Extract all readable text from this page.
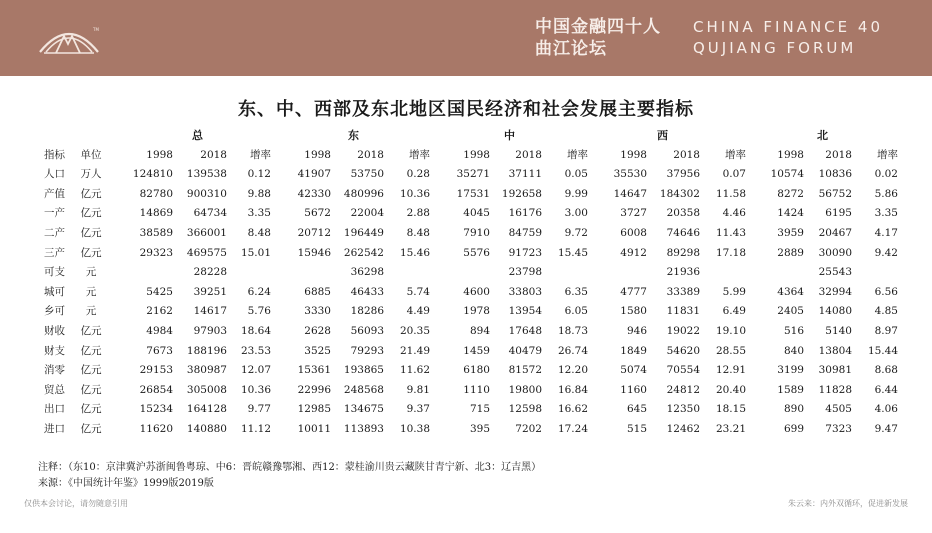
TM	中国金融四十人
曲江论坛
CHINA FINANCE 40
QUJIANG FORUM
东、中、西部及东北地区国民经济和社会发展主要指标
总	东	中	西	北
指标 单位	1998	2018 增率	1998	2018 增率	1998 2018 增率	1998	2018 增率	1998 2018 增率
人口 万人	124810 139538 0.12	41907 53750 0.28	35271 37111 0.05 35530 37956 0.07 10574 10836 0.02
产值 亿元	82780 900310 9.88	42330 480996 10.36	17531 192658 9.99 14647 184302 11.58	8272 56752 5.86
一产 亿元	14869 64734 3.35	5672 22004 2.88	4045 16176 3.00	3727 20358 4.46	1424 6195 3.35
二产 亿元	38589 366001 8.48	20712 196449 8.48	7910 84759 9.72	6008 74646 11.43	3959 20467 4.17
三产 亿元	29323 469575 15.01	15946 262542 15.46	5576 91723 15.45	4912 89298 17.18	2889 30090 9.42
可支	元	28228	36298	23798	21936	25543
城可	元	5425 39251 6.24	6885 46433 5.74	4600 33803 6.35	4777 33389 5.99	4364 32994 6.56
乡可	元	2162 14617 5.76	3330 18286 4.49	1978 13954 6.05	1580 11831 6.49	2405 14080 4.85
财收 亿元	4984 97903 18.64	2628 56093 20.35	894 17648 18.73	946 19022 19.10	516 5140 8.97
财支 亿元	7673 188196 23.53	3525 79293 21.49	1459 40479 26.74	1849 54620 28.55	840 13804 15.44
消零 亿元	29153 380987 12.07	15361 193865 11.62	6180 81572 12.20	5074 70554 12.91	3199 30981 8.68
贸总 亿元	26854 305008 10.36	22996 248568 9.81	1110 19800 16.84	1160 24812 20.40	1589 11828 6.44
出口 亿元	15234 164128 9.77	12985 134675 9.37	715 12598 16.62	645 12350 18.15	890 4505 4.06
进口 亿元	11620 140880 11.12	10011 113893 10.38	395 7202 17.24	515 12462 23.21	699 7323 9.47
注释：（东10：京津冀沪苏浙闽鲁粤琼、中6：晋皖赣豫鄂湘、西12：蒙桂渝川贵云藏陕甘青宁新、北3：辽吉黑）
来源：《中国统计年鉴》1999版2019版
仅供本会讨论，请勿随意引用	朱云来：内外双循环，促进新发展
